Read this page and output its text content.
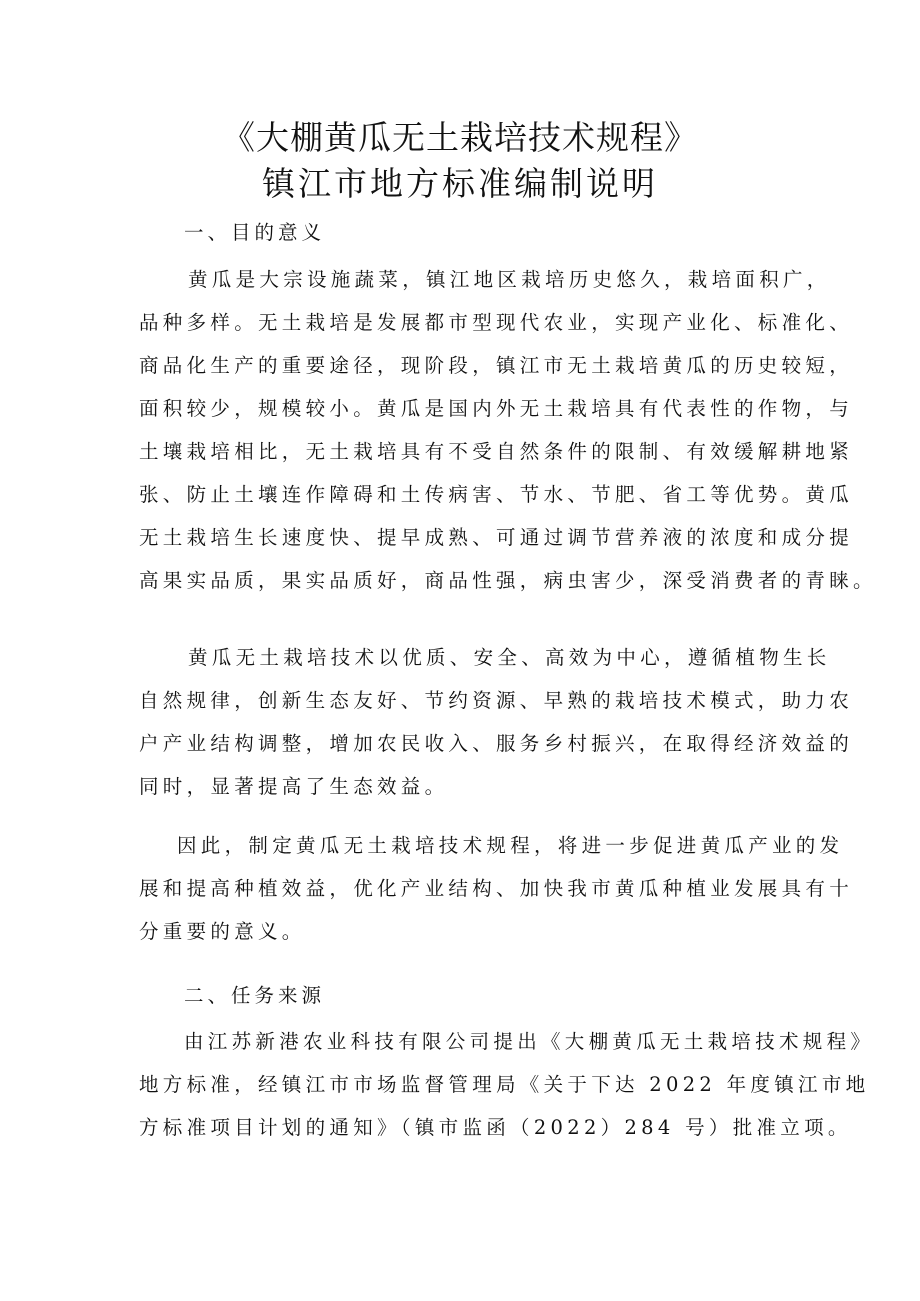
《大棚黄瓜无土栽培技术规程》
镇江市地方标准编制说明
一、目的意义
黄瓜是大宗设施蔬菜，镇江地区栽培历史悠久，栽培面积广，
品种多样。无土栽培是发展都市型现代农业，实现产业化、标准化、
商品化生产的重要途径，现阶段，镇江市无土栽培黄瓜的历史较短，
面积较少，规模较小。黄瓜是国内外无土栽培具有代表性的作物，与
土壤栽培相比，无土栽培具有不受自然条件的限制、有效缓解耕地紧
张、防止土壤连作障碍和土传病害、节水、节肥、省工等优势。黄瓜
无土栽培生长速度快、提早成熟、可通过调节营养液的浓度和成分提
高果实品质，果实品质好，商品性强，病虫害少，深受消费者的青睐。
黄瓜无土栽培技术以优质、安全、高效为中心，遵循植物生长
自然规律，创新生态友好、节约资源、早熟的栽培技术模式，助力农
户产业结构调整，增加农民收入、服务乡村振兴，在取得经济效益的
同时，显著提高了生态效益。
因此，制定黄瓜无土栽培技术规程，将进一步促进黄瓜产业的发
展和提高种植效益，优化产业结构、加快我市黄瓜种植业发展具有十
分重要的意义。
二、任务来源
由江苏新港农业科技有限公司提出《大棚黄瓜无土栽培技术规程》
地方标准，经镇江市市场监督管理局《关于下达 2022 年度镇江市地
方标准项目计划的通知》（镇市监函（2022）284 号）批准立项。
